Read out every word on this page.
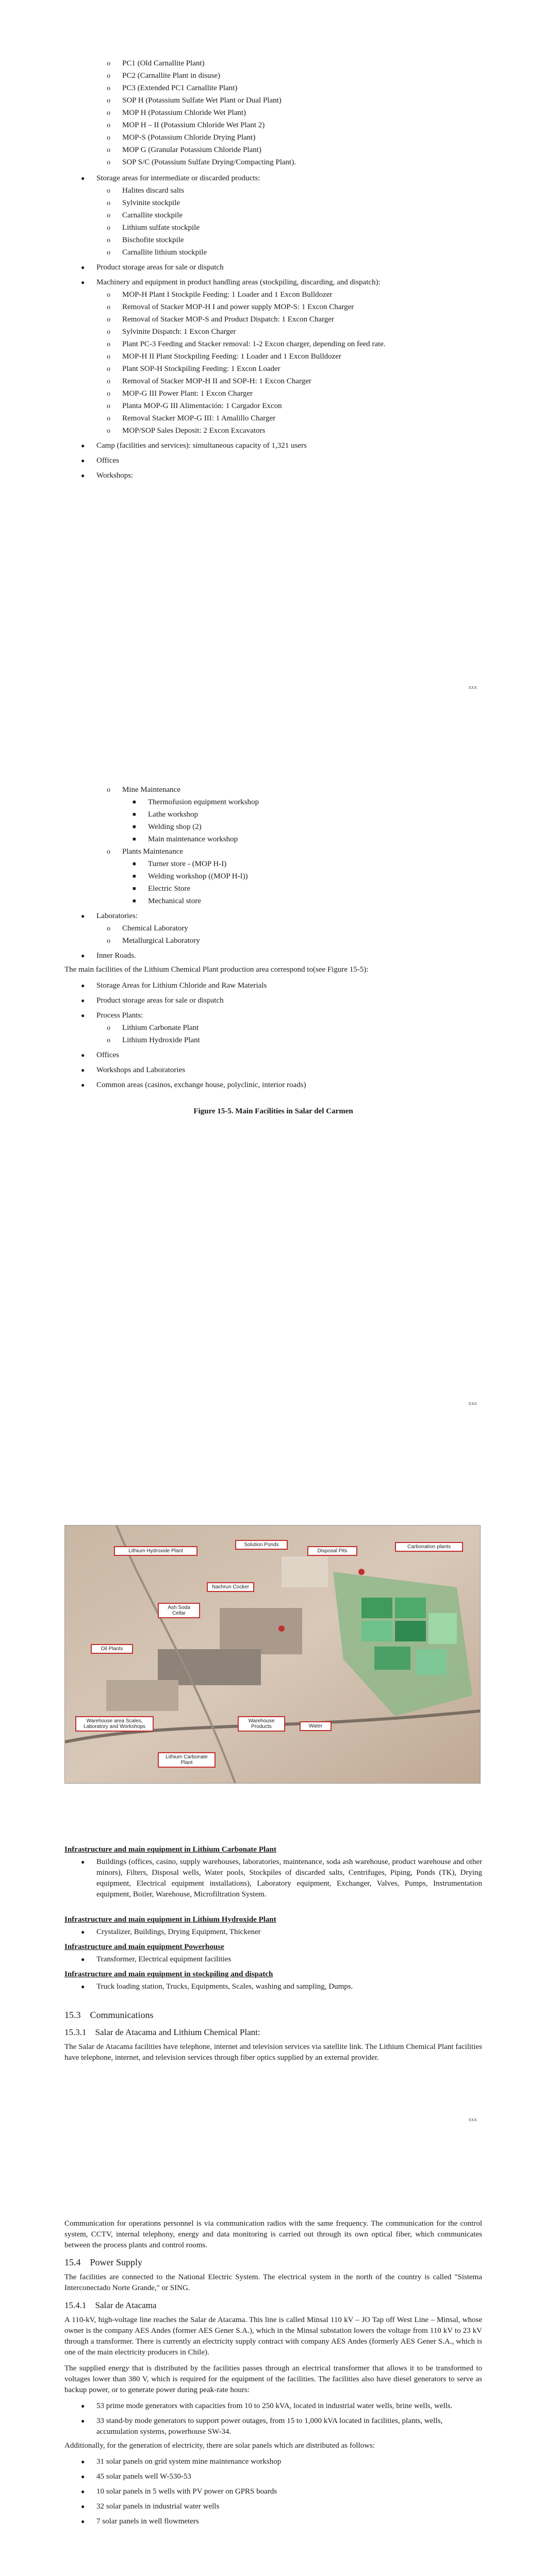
o	PC1 (Old Carnallite Plant)
o	PC2 (Carnallite Plant in disuse)
o	PC3 (Extended PC1 Carnallite Plant)
o	SOP H (Potassium Sulfate Wet Plant or Dual Plant)
o	MOP H (Potassium Chloride Wet Plant)
o	MOP H – II (Potassium Chloride Wet Plant 2)
o	MOP-S (Potassium Chloride Drying Plant)
o	MOP G (Granular Potassium Chloride Plant)
o	SOP S/C (Potassium Sulfate Drying/Compacting Plant).
●	Storage areas for intermediate or discarded products:
o	Halites discard salts
o	Sylvinite stockpile
o	Carnallite stockpile
o	Lithium sulfate stockpile
o	Bischofite stockpile
o	Carnallite lithium stockpile
●	Product storage areas for sale or dispatch
●	Machinery and equipment in product handling areas (stockpiling, discarding, and dispatch):
o	MOP-H Plant I Stockpile Feeding: 1 Loader and 1 Excon Bulldozer
o	Removal of Stacker MOP-H I and power supply MOP-S: 1 Excon Charger
o	Removal of Stacker MOP-S and Product Dispatch: 1 Excon Charger
o	Sylvinite Dispatch: 1 Excon Charger
o	Plant PC-3 Feeding and Stacker removal: 1-2 Excon charger, depending on feed rate.
o	MOP-H II Plant Stockpiling Feeding: 1 Loader and 1 Excon Bulldozer
o	Plant SOP-H Stockpiling Feeding: 1 Excon Loader
o	Removal of Stacker MOP-H II and SOP-H: 1 Excon Charger
o	MOP-G III Power Plant: 1 Excon Charger
o	Planta MOP-G III Alimentación: 1 Cargador Excon
o	Removal Stacker MOP-G III: 1 Amalillo Charger
o	MOP/SOP Sales Deposit: 2 Excon Excavators
●	Camp (facilities and services): simultaneous capacity of 1,321 users
●	Offices
●	Workshops:
xxx
o	Mine Maintenance
■	Thermofusion equipment workshop
■	Lathe workshop
■	Welding shop (2)
■	Main maintenance workshop
o	Plants Maintenance
■	Turner store - (MOP H-I)
■	Welding workshop ((MOP H-I))
■	Electric Store
■	Mechanical store
●	Laboratories:
o	Chemical Laboratory
o	Metallurgical Laboratory
●	Inner Roads.
The main facilities of the Lithium Chemical Plant production area correspond to(see Figure 15-5):
●	Storage Areas for Lithium Chloride and Raw Materials
●	Product storage areas for sale or dispatch
●	Process Plants:
o	Lithium Carbonate Plant
o	Lithium Hydroxide Plant
●	Offices
●	Workshops and Laboratories
●	Common areas (casinos, exchange house, polyclinic, interior roads)
Figure 15-5. Main Facilities in Salar del Carmen
xxx
Lithium Hydroxide Plant
Solution Ponds
Disposal Pits
Carbonation plants
Nachrun Cocker
Ash Soda Cellar
Oil Plants
Warehouse area Scales, Laboratory and Workshops
Warehouse Products	Water
Lithium Carbonate Plant
Infrastructure and main equipment in Lithium Carbonate Plant
●	Buildings (offices, casino, supply warehouses, laboratories, maintenance, soda ash warehouse, product warehouse and other minors), Filters, Disposal wells, Water pools, Stockpiles of discarded salts, Centrifuges, Piping, Ponds (TK), Drying equipment, Electrical equipment installations), Laboratory equipment, Exchanger, Valves, Pumps, Instrumentation equipment, Boiler, Warehouse, Microfiltration System.
Infrastructure and main equipment in Lithium Hydroxide Plant
●	Crystalizer, Buildings, Drying Equipment, Thickener
Infrastructure and main equipment Powerhouse
●	Transformer, Electrical equipment facilities
Infrastructure and main equipment in stockpiling and dispatch
●	Truck loading station, Trucks, Equipments, Scales, washing and sampling, Dumps.
15.3 Communications
15.3.1 Salar de Atacama and Lithium Chemical Plant:
The Salar de Atacama facilities have telephone, internet and television services via satellite link. The Lithium Chemical Plant facilities have telephone, internet, and television services through fiber optics supplied by an external provider.
xxx
Communication for operations personnel is via communication radios with the same frequency. The communication for the control system, CCTV, internal telephony, energy and data monitoring is carried out through its own optical fiber, which communicates between the process plants and control rooms.
15.4 Power Supply
The facilities are connected to the National Electric System. The electrical system in the north of the country is called "Sistema Interconectado Norte Grande," or SING.
15.4.1 Salar de Atacama
A 110-kV, high-voltage line reaches the Salar de Atacama. This line is called Minsal 110 kV – JO Tap off West Line – Minsal, whose owner is the company AES Andes (former AES Gener S.A.), which in the Minsal substation lowers the voltage from 110 kV to 23 kV through a transformer. There is currently an electricity supply contract with company AES Andes (formerly AES Gener S.A., which is one of the main electricity producers in Chile).
The supplied energy that is distributed by the facilities passes through an electrical transformer that allows it to be transformed to voltages lower than 380 V, which is required for the equipment of the facilities. The facilities also have diesel generators to serve as backup power, or to generate power during peak-rate hours:
●	53 prime mode generators with capacities from 10 to 250 kVA, located in industrial water wells, brine wells, wells.
●	33 stand-by mode generators to support power outages, from 15 to 1,000 kVA located in facilities, plants, wells, accumulation systems, powerhouse SW-34.
Additionally, for the generation of electricity, there are solar panels which are distributed as follows:
●	31 solar panels on grid system mine maintenance workshop
●	45 solar panels well W-530-53
●	10 solar panels in 5 wells with PV power on GPRS boards
●	32 solar panels in industrial water wells
●	7 solar panels in well flowmeters
